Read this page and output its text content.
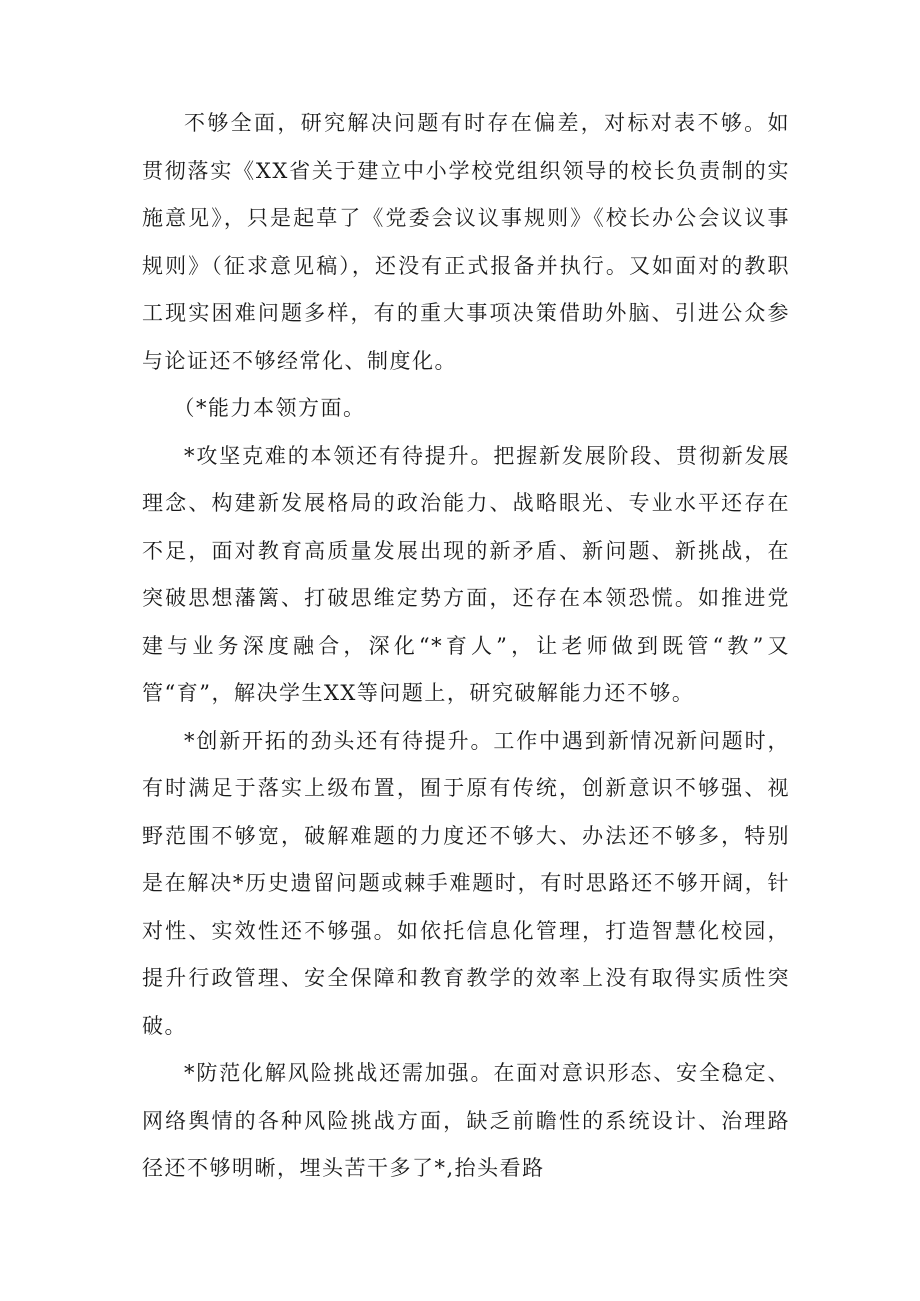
不够全面，研究解决问题有时存在偏差，对标对表不够。如贯彻落实《XX省关于建立中小学校党组织领导的校长负责制的实施意见》，只是起草了《党委会议议事规则》《校长办公会议议事规则》（征求意见稿），还没有正式报备并执行。又如面对的教职工现实困难问题多样，有的重大事项决策借助外脑、引进公众参与论证还不够经常化、制度化。

（*能力本领方面。

*攻坚克难的本领还有待提升。把握新发展阶段、贯彻新发展理念、构建新发展格局的政治能力、战略眼光、专业水平还存在不足，面对教育高质量发展出现的新矛盾、新问题、新挑战，在突破思想藩篱、打破思维定势方面，还存在本领恐慌。如推进党建与业务深度融合，深化“*育人”，让老师做到既管“教”又管“育”，解决学生XX等问题上，研究破解能力还不够。

*创新开拓的劲头还有待提升。工作中遇到新情况新问题时，有时满足于落实上级布置，囿于原有传统，创新意识不够强、视野范围不够宽，破解难题的力度还不够大、办法还不够多，特别是在解决*历史遗留问题或棘手难题时，有时思路还不够开阔，针对性、实效性还不够强。如依托信息化管理，打造智慧化校园，提升行政管理、安全保障和教育教学的效率上没有取得实质性突破。

*防范化解风险挑战还需加强。在面对意识形态、安全稳定、网络舆情的各种风险挑战方面，缺乏前瞻性的系统设计、治理路径还不够明晰，埋头苦干多了*,抬头看路
